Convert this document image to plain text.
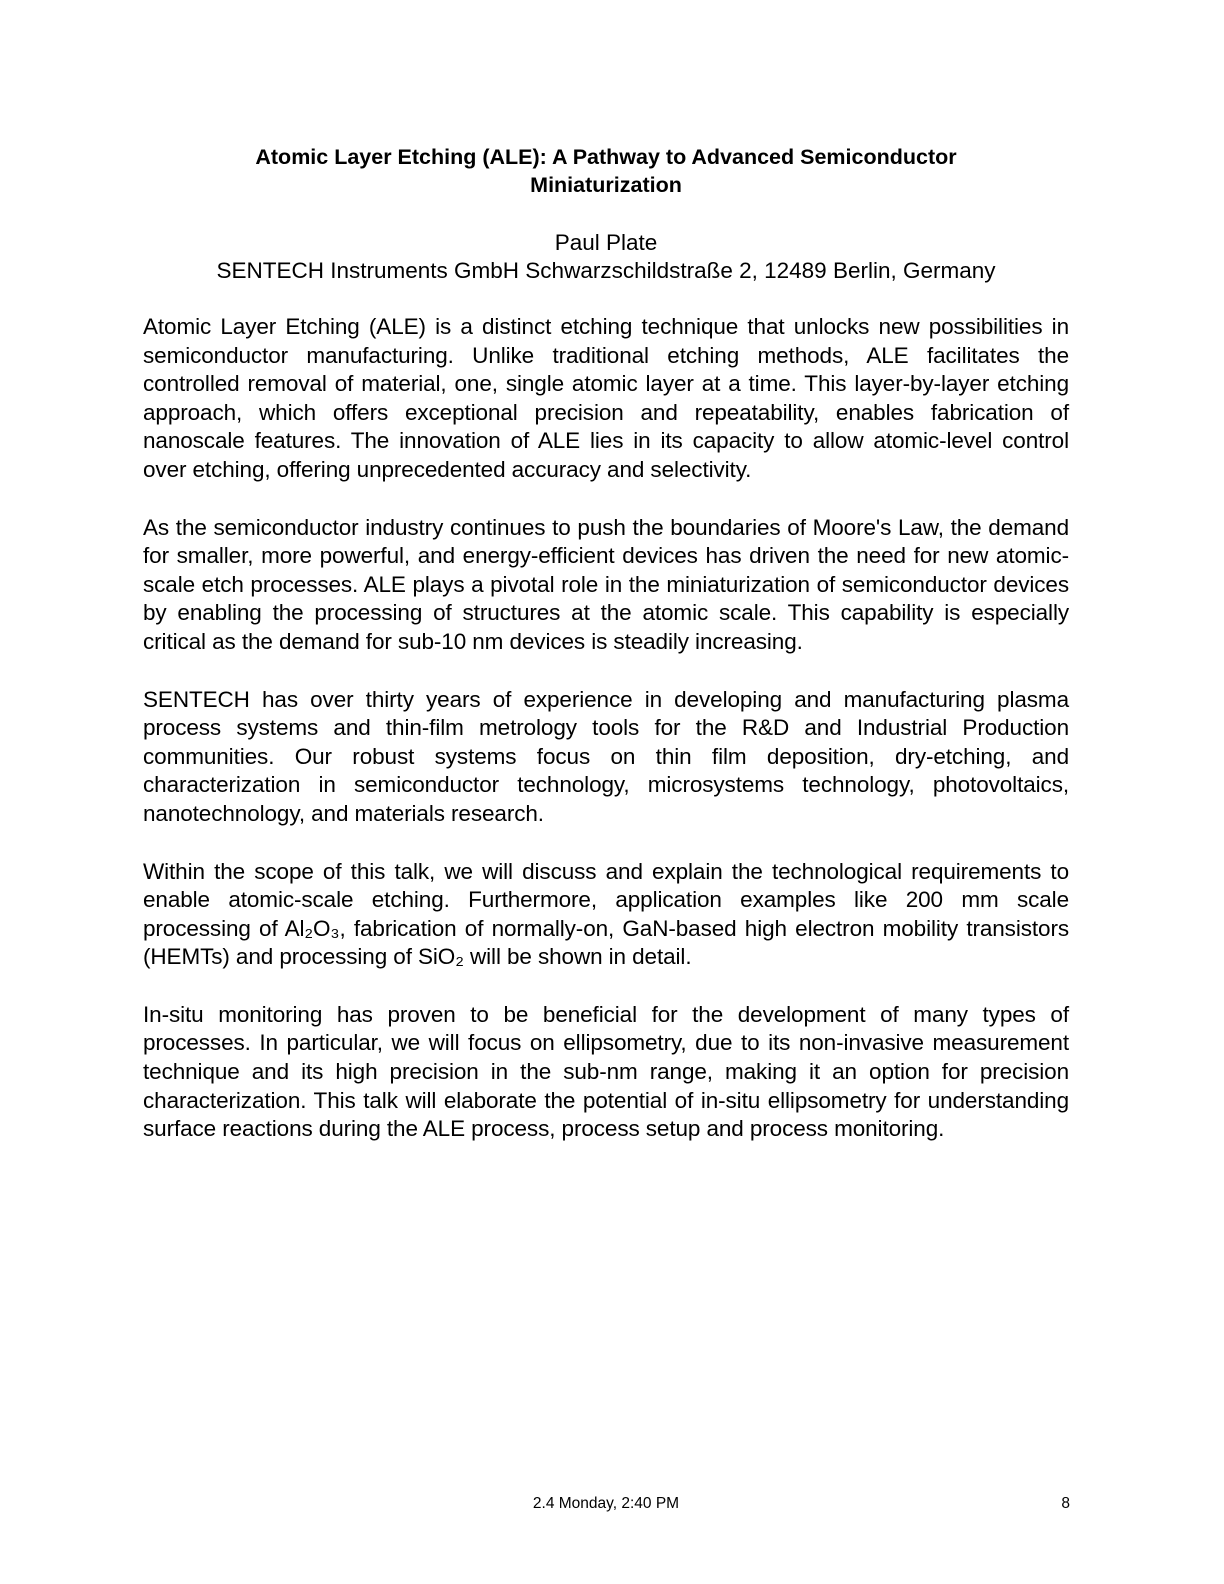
Atomic Layer Etching (ALE): A Pathway to Advanced Semiconductor Miniaturization
Paul Plate
SENTECH Instruments GmbH Schwarzschildstraße 2, 12489 Berlin, Germany

Atomic Layer Etching (ALE) is a distinct etching technique that unlocks new possibilities in semiconductor manufacturing. Unlike traditional etching methods, ALE facilitates the controlled removal of material, one, single atomic layer at a time. This layer-by-layer etching approach, which offers exceptional precision and repeatability, enables fabrication of nanoscale features. The innovation of ALE lies in its capacity to allow atomic-level control over etching, offering unprecedented accuracy and selectivity.

As the semiconductor industry continues to push the boundaries of Moore's Law, the demand for smaller, more powerful, and energy-efficient devices has driven the need for new atomic-scale etch processes. ALE plays a pivotal role in the miniaturization of semiconductor devices by enabling the processing of structures at the atomic scale. This capability is especially critical as the demand for sub-10 nm devices is steadily increasing.

SENTECH has over thirty years of experience in developing and manufacturing plasma process systems and thin-film metrology tools for the R&D and Industrial Production communities. Our robust systems focus on thin film deposition, dry-etching, and characterization in semiconductor technology, microsystems technology, photovoltaics, nanotechnology, and materials research.

Within the scope of this talk, we will discuss and explain the technological requirements to enable atomic-scale etching. Furthermore, application examples like 200 mm scale processing of Al₂O₃, fabrication of normally-on, GaN-based high electron mobility transistors (HEMTs) and processing of SiO₂ will be shown in detail.

In-situ monitoring has proven to be beneficial for the development of many types of processes. In particular, we will focus on ellipsometry, due to its non-invasive measurement technique and its high precision in the sub-nm range, making it an option for precision characterization. This talk will elaborate the potential of in-situ ellipsometry for understanding surface reactions during the ALE process, process setup and process monitoring.

2.4 Monday, 2:40 PM	8
